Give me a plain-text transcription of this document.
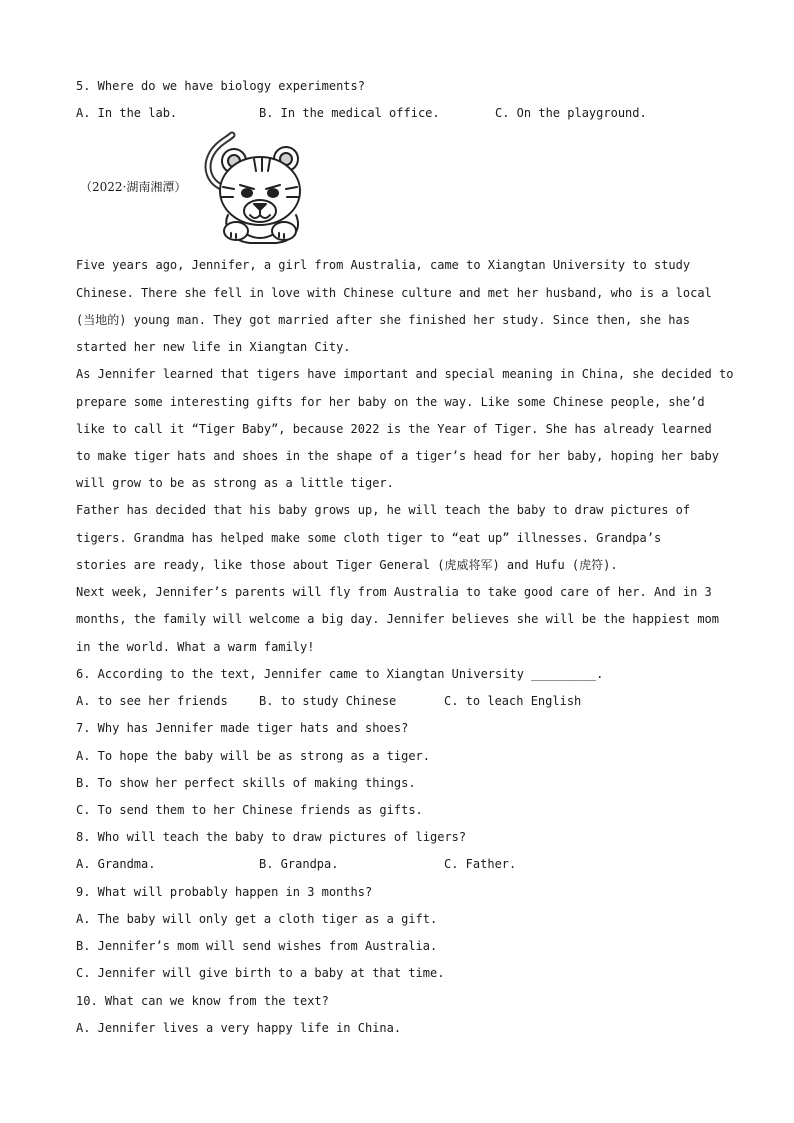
5. Where do we have biology experiments?
A. In the lab.	B. In the medical office.	C. On the playground.
（2022·湖南湘潭）
Five years ago, Jennifer, a girl from Australia, came to Xiangtan University to study
Chinese. There she fell in love with Chinese culture and met her husband, who is a local
(当地的) young man. They got married after she finished her study. Since then, she has
started her new life in Xiangtan City.
As Jennifer learned that tigers have important and special meaning in China, she decided to
prepare some interesting gifts for her baby on the way. Like some Chinese people, she’d
like to call it “Tiger Baby”, because 2022 is the Year of Tiger. She has already learned
to make tiger hats and shoes in the shape of a tiger’s head for her baby, hoping her baby
will grow to be as strong as a little tiger.
Father has decided that his baby grows up, he will teach the baby to draw pictures of
tigers. Grandma has helped make some cloth tiger to “eat up” illnesses. Grandpa’s
stories are ready, like those about Tiger General (虎威将军) and Hufu (虎符).
Next week, Jennifer’s parents will fly from Australia to take good care of her. And in 3
months, the family will welcome a big day. Jennifer believes she will be the happiest mom
in the world. What a warm family!
6. According to the text, Jennifer came to Xiangtan University _________.
A. to see her friends	B. to study Chinese	C. to leach English
7. Why has Jennifer made tiger hats and shoes?
A. To hope the baby will be as strong as a tiger.
B. To show her perfect skills of making things.
C. To send them to her Chinese friends as gifts.
8. Who will teach the baby to draw pictures of ligers?
A. Grandma.	B. Grandpa.	C. Father.
9. What will probably happen in 3 months?
A. The baby will only get a cloth tiger as a gift.
B. Jennifer’s mom will send wishes from Australia.
C. Jennifer will give birth to a baby at that time.
10. What can we know from the text?
A. Jennifer lives a very happy life in China.
